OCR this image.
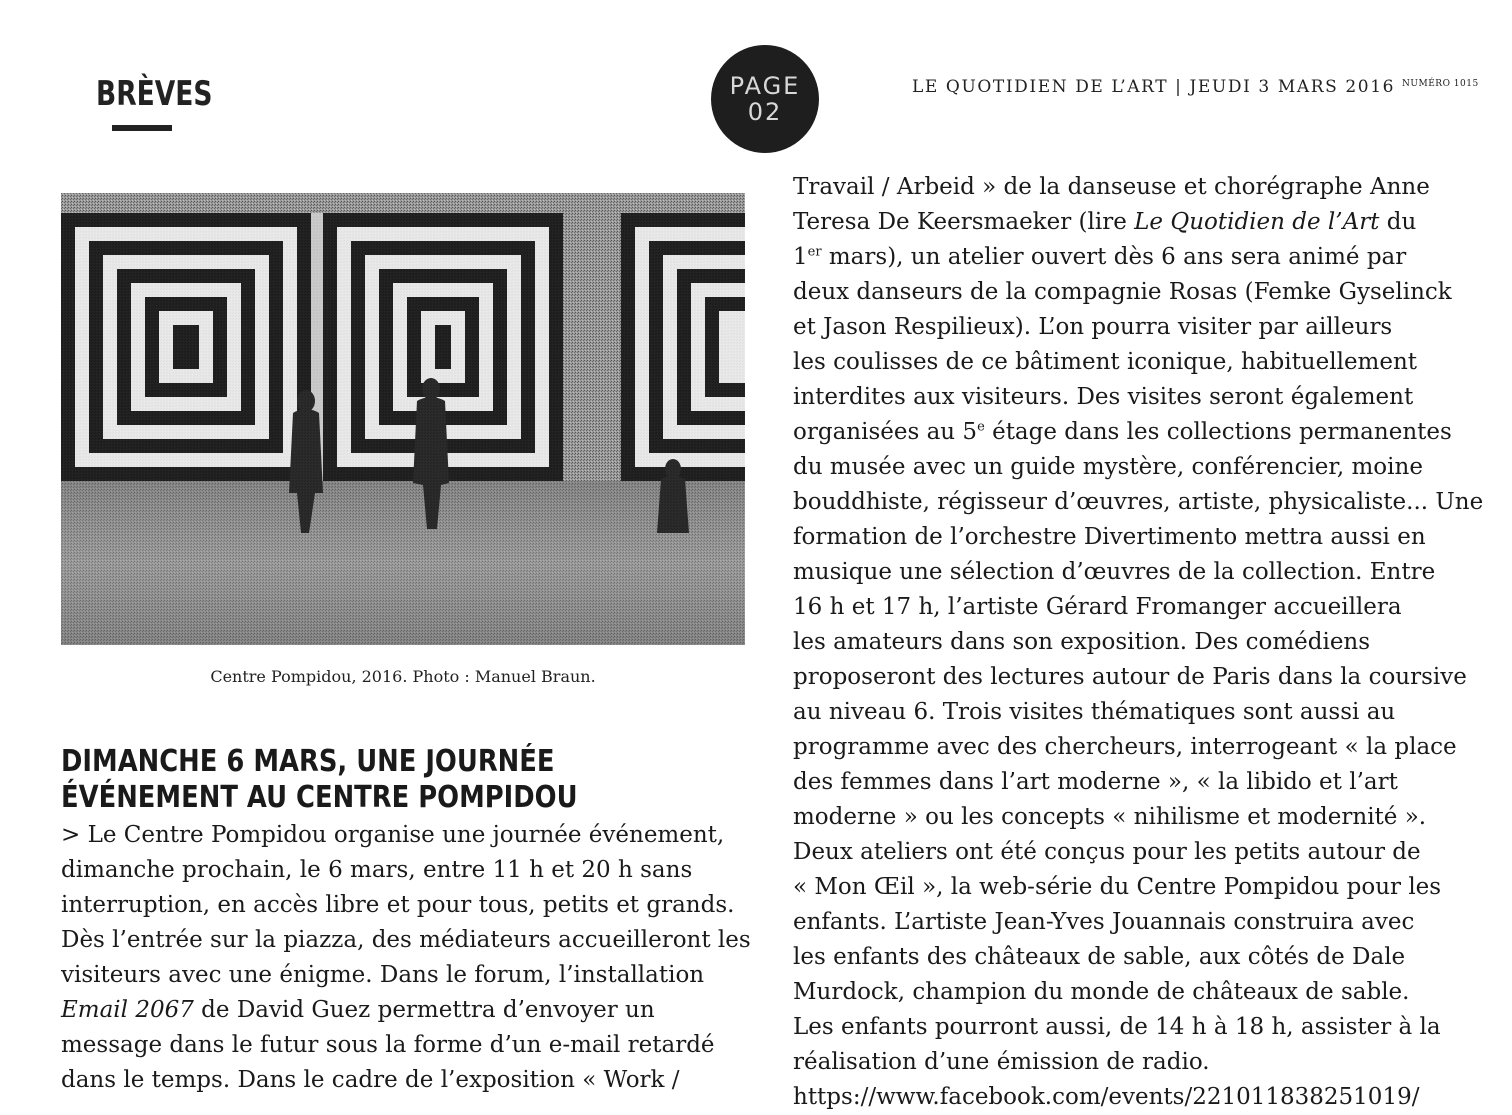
BRÈVES	PAGE
02
LE QUOTIDIEN DE L’ART | JEUDI 3 MARS 2016 $^{NUMÉRO 1015}$
Centre Pompidou, 2016. Photo : Manuel Braun.
DIMANCHE 6 MARS, UNE JOURNÉE
ÉVÉNEMENT AU CENTRE POMPIDOU

> Le Centre Pompidou organise une journée événement,

dimanche prochain, le 6 mars, entre 11 h et 20 h sans

interruption, en accès libre et pour tous, petits et grands.

Dès l’entrée sur la piazza, des médiateurs accueilleront les

visiteurs avec une énigme. Dans le forum, l’installation

Email 2067 de David Guez permettra d’envoyer un

message dans le futur sous la forme d’un e-mail retardé

dans le temps. Dans le cadre de l’exposition « Work /

Travail / Arbeid » de la danseuse et chorégraphe Anne

Teresa De Keersmaeker (lire Le Quotidien de l’Art du

1er mars), un atelier ouvert dès 6 ans sera animé par

deux danseurs de la compagnie Rosas (Femke Gyselinck

et Jason Respilieux). L’on pourra visiter par ailleurs

les coulisses de ce bâtiment iconique, habituellement

interdites aux visiteurs. Des visites seront également

organisées au 5e étage dans les collections permanentes

du musée avec un guide mystère, conférencier, moine

bouddhiste, régisseur d’œuvres, artiste, physicaliste... Une

formation de l’orchestre Divertimento mettra aussi en

musique une sélection d’œuvres de la collection. Entre

16 h et 17 h, l’artiste Gérard Fromanger accueillera

les amateurs dans son exposition. Des comédiens

proposeront des lectures autour de Paris dans la coursive

au niveau 6. Trois visites thématiques sont aussi au

programme avec des chercheurs, interrogeant « la place

des femmes dans l’art moderne », « la libido et l’art

moderne » ou les concepts « nihilisme et modernité ».

Deux ateliers ont été conçus pour les petits autour de

« Mon Œil », la web-série du Centre Pompidou pour les

enfants. L’artiste Jean-Yves Jouannais construira avec

les enfants des châteaux de sable, aux côtés de Dale

Murdock, champion du monde de châteaux de sable.

Les enfants pourront aussi, de 14 h à 18 h, assister à la

réalisation d’une émission de radio.

https://www.facebook.com/events/221011838251019/
